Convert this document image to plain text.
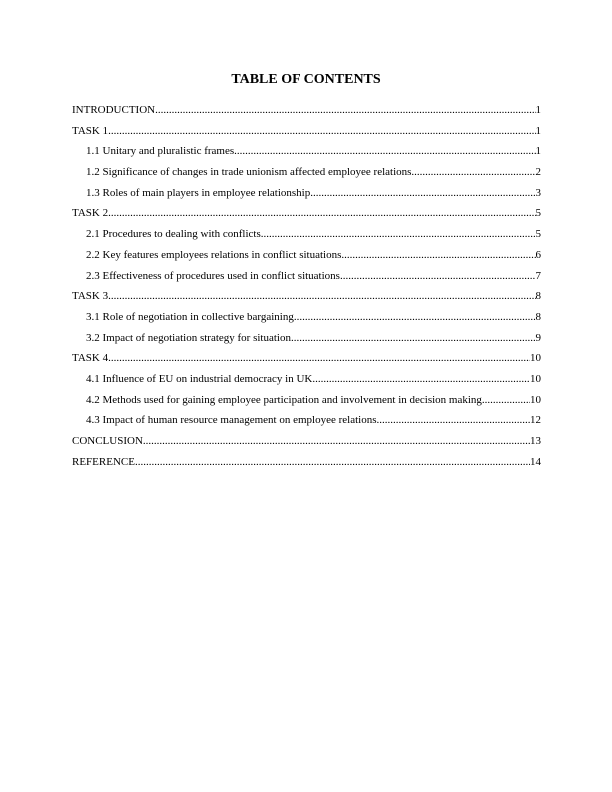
TABLE OF CONTENTS
INTRODUCTION .....	1
TASK 1 .....	1
1.1 Unitary and pluralistic frames .....	1
1.2 Significance of changes in trade unionism affected employee relations .....	2
1.3 Roles of main players in employee relationship .....	3
TASK 2 .....	5
2.1 Procedures to dealing with conflicts .....	5
2.2 Key features employees relations in conflict situations .....	6
2.3 Effectiveness of procedures used in conflict situations .....	7
TASK 3 .....	8
3.1 Role of negotiation in collective bargaining .....	8
3.2 Impact of negotiation strategy for situation .....	9
TASK 4 .....	10
4.1 Influence of EU on industrial democracy in UK .....	10
4.2 Methods used for gaining employee participation and involvement in decision making .....	10
4.3 Impact of human resource management on employee relations .....	12
CONCLUSION .....	13
REFERENCE .....	14
